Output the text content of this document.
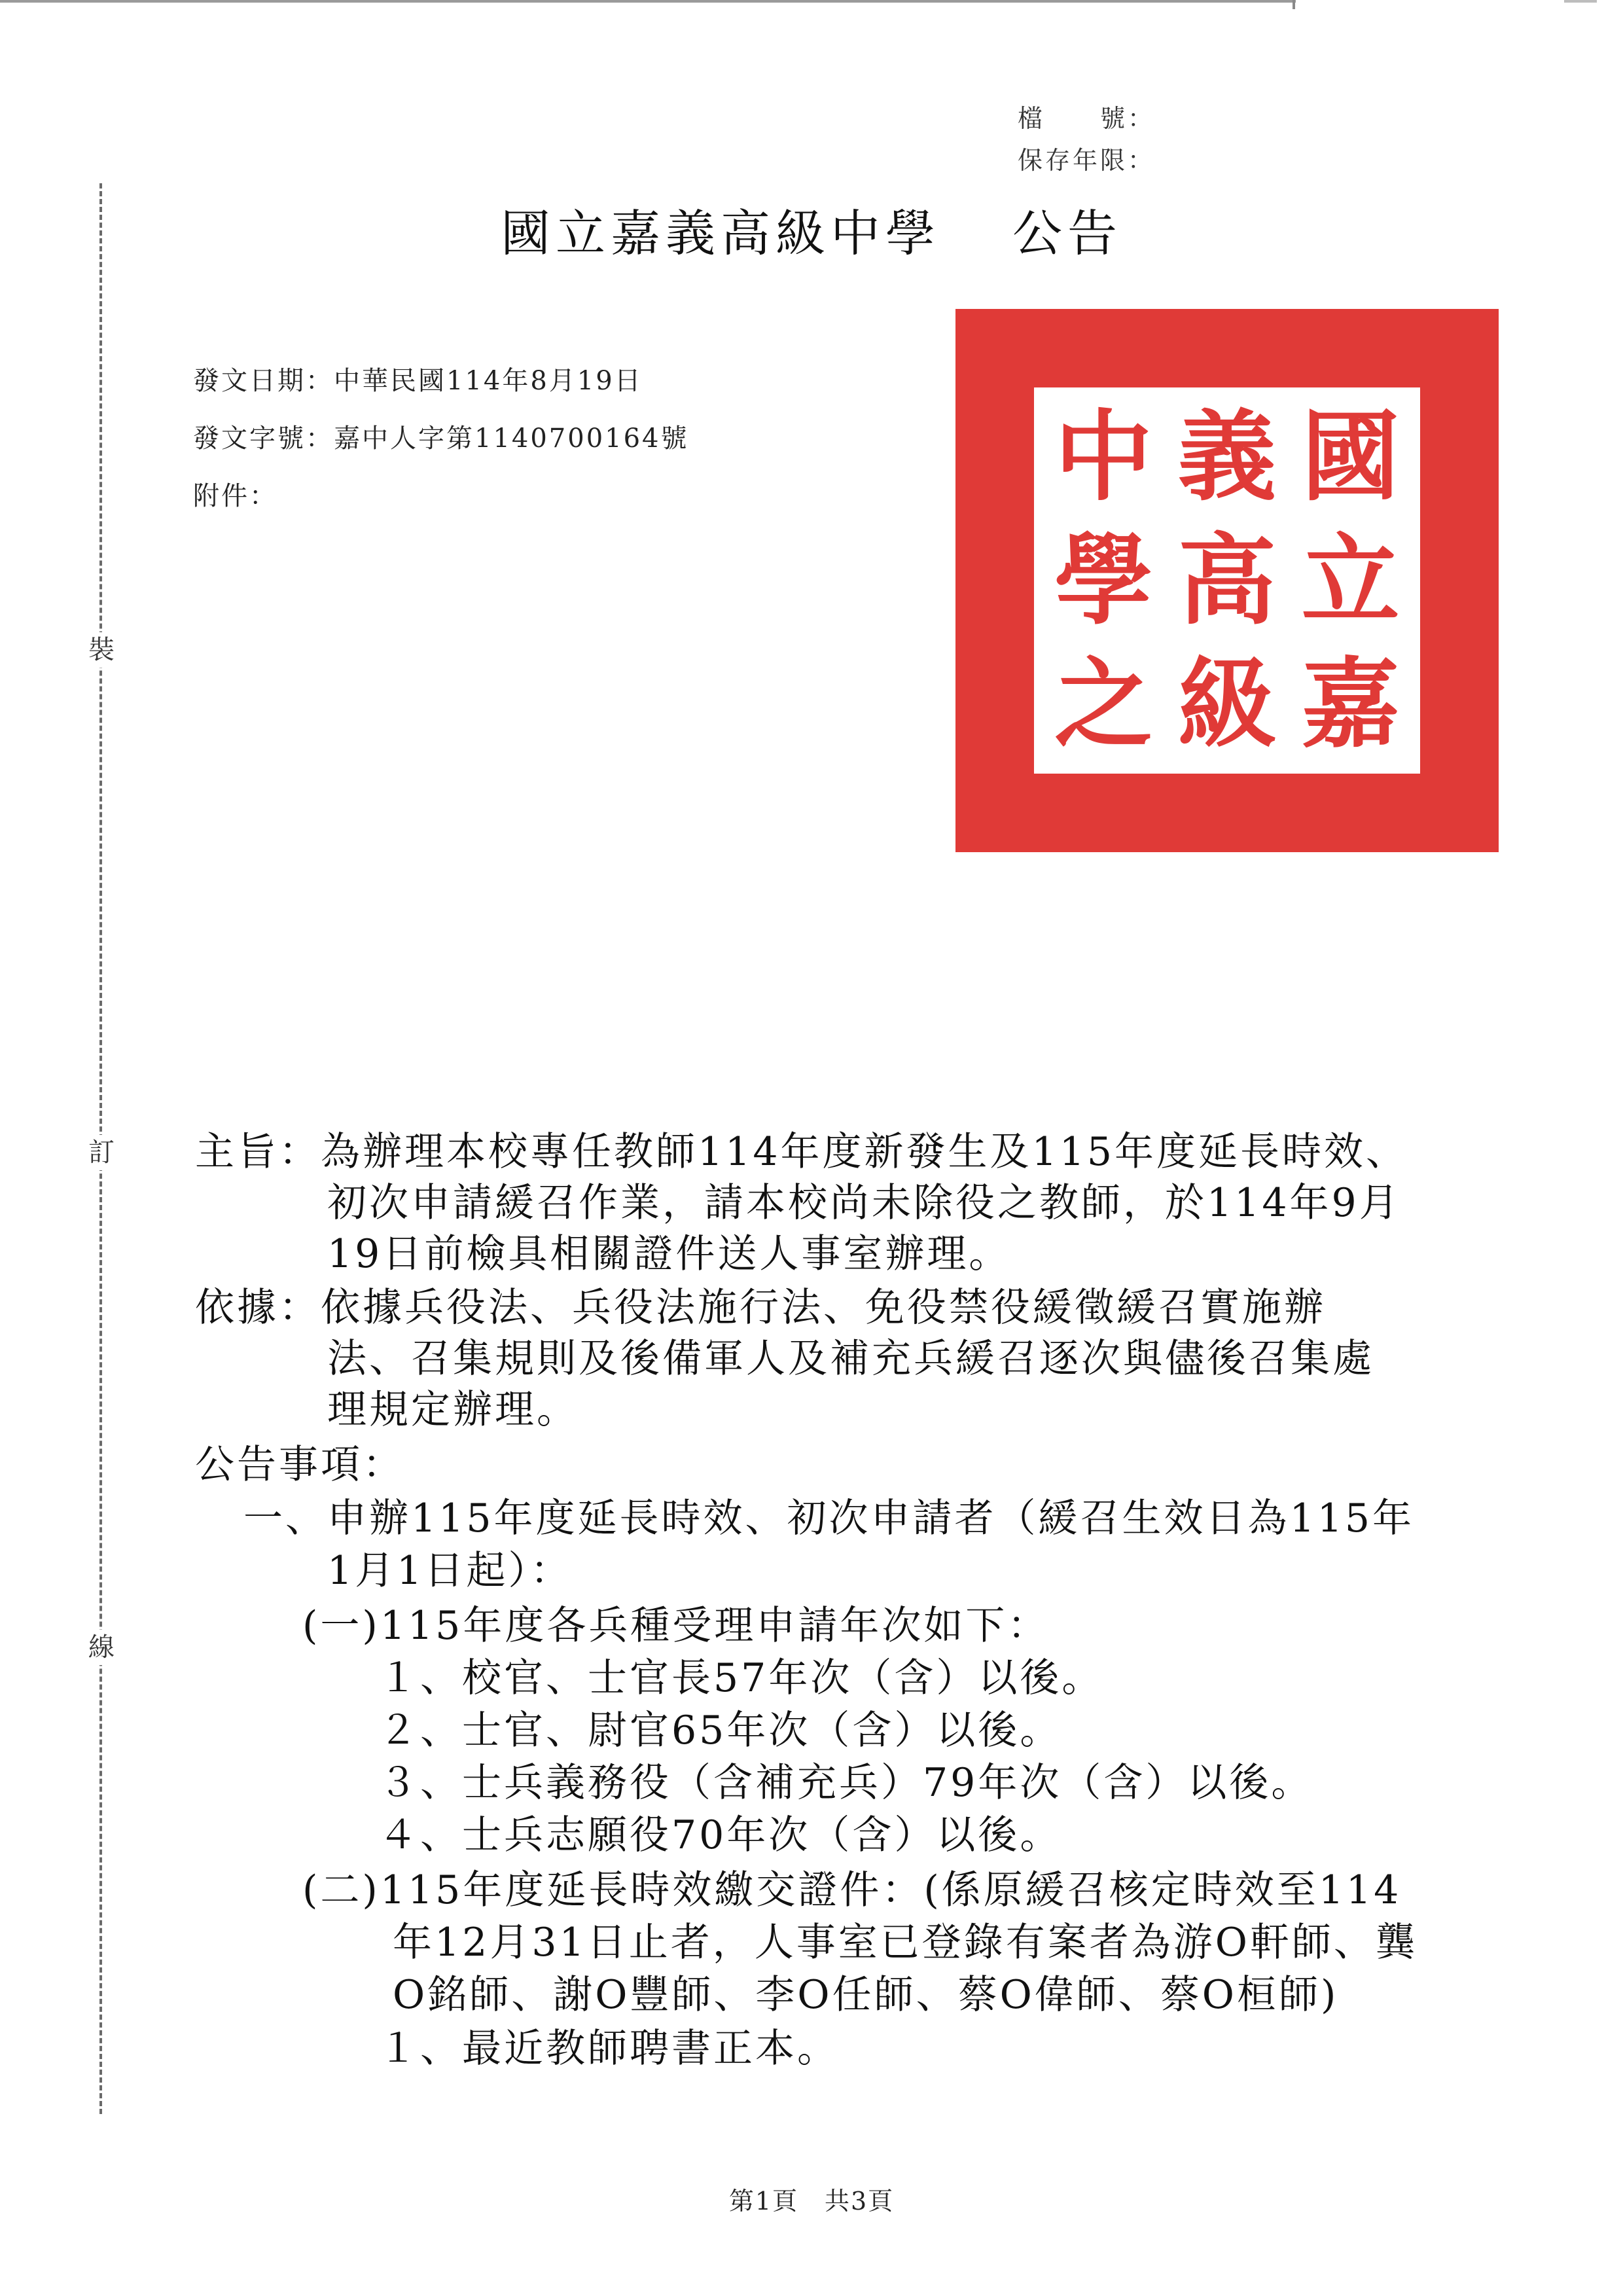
裝
訂
線
檔　　號：
保存年限：
國立嘉義高級中學 公告
發文日期：中華民國114年8月19日
發文字號：嘉中人字第1140700164號
附件：	中 義 國
學 高 立
之 級 嘉
主旨：為辦理本校專任教師114年度新發生及115年度延長時效、
初次申請緩召作業，請本校尚未除役之教師，於114年9月
19日前檢具相關證件送人事室辦理。
依據：依據兵役法、兵役法施行法、免役禁役緩徵緩召實施辦
法、召集規則及後備軍人及補充兵緩召逐次與儘後召集處
理規定辦理。
公告事項：
一、申辦115年度延長時效、初次申請者（緩召生效日為115年
1月1日起）：
(一)115年度各兵種受理申請年次如下：
１、校官、士官長57年次（含）以後。
２、士官、尉官65年次（含）以後。
３、士兵義務役（含補充兵）79年次（含）以後。
４、士兵志願役70年次（含）以後。
(二)115年度延長時效繳交證件：(係原緩召核定時效至114
年12月31日止者，人事室已登錄有案者為游O軒師、龔
O銘師、謝O豐師、李O任師、蔡O偉師、蔡O桓師)
１、最近教師聘書正本。
第1頁 共3頁
